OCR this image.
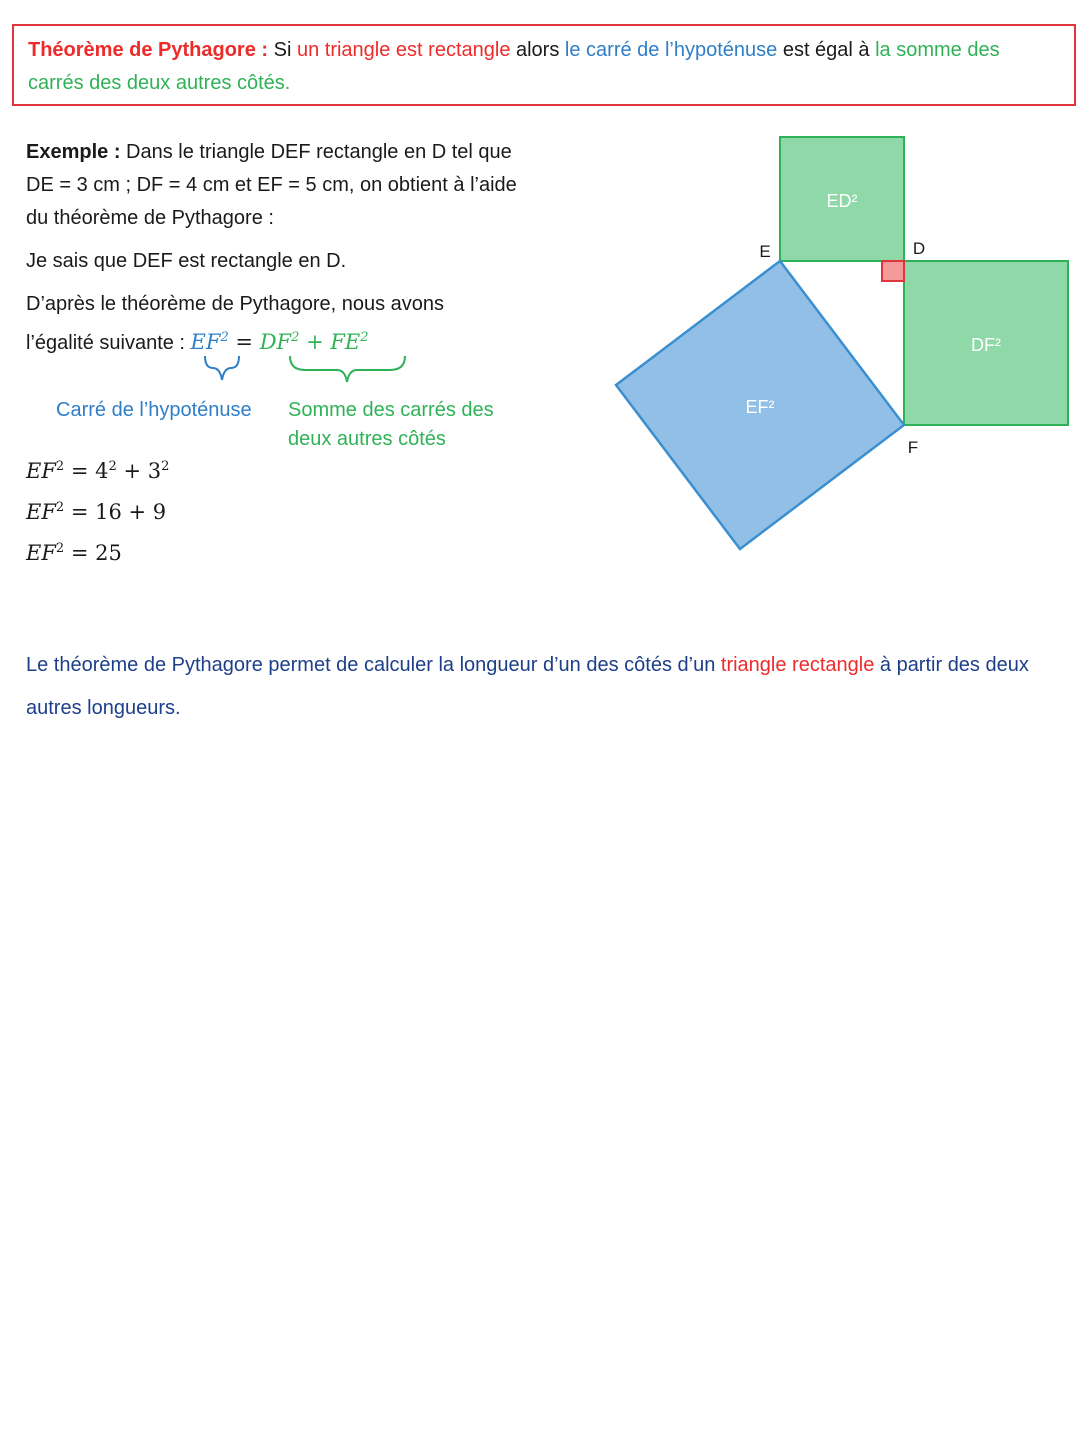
Théorème de Pythagore : Si un triangle est rectangle alors le carré de l’hypoténuse est égal à la somme des carrés des deux autres côtés.
Exemple : Dans le triangle DEF rectangle en D tel que
DE = 3 cm ; DF = 4 cm et EF = 5 cm, on obtient à l’aide
du théorème de Pythagore :
Je sais que DEF est rectangle en D.
D’après le théorème de Pythagore, nous avons
l’égalité suivante : $EF^2 = DF^2 + FE^2$
Carré de l’hypoténuse Somme des carrés des
deux autres côtés
$EF^2 = 4^2 + 3^2$
$EF^2 = 16 + 9$
$EF^2 = 25$
ED²
DF²
EF²
E	D
F
Le théorème de Pythagore permet de calculer la longueur d’un des côtés d’un triangle rectangle à partir des deux autres longueurs.
